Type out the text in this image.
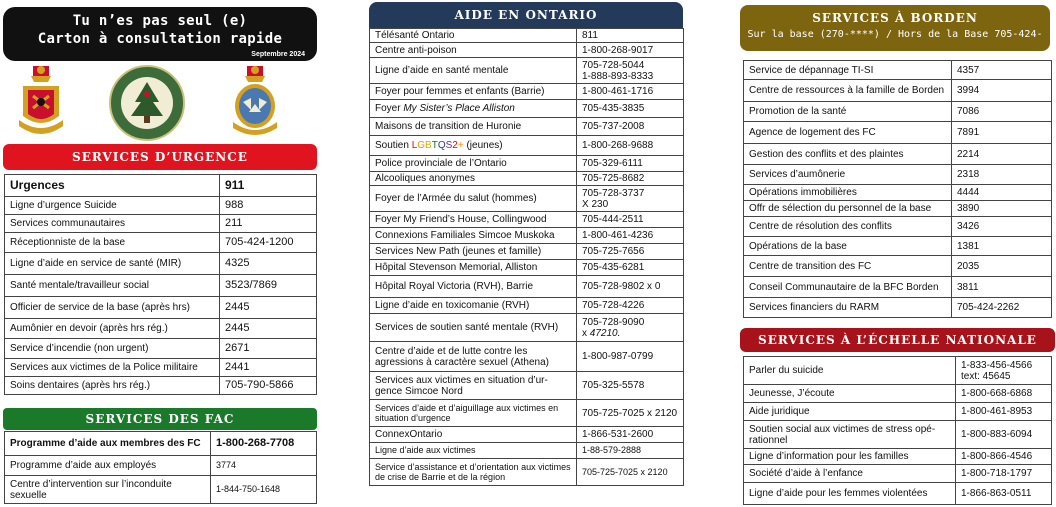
Tu n’es pas seul (e)
Carton à consultation rapide
Septembre 2024
SERVICES D’URGENCE
Urgences	911
Ligne d’urgence Suicide	988
Services communautaires	211
Réceptionniste de la base	705-424-1200
Ligne d’aide en service de santé (MIR)	4325
Santé mentale/travailleur social	3523/7869
Officier de service de la base (après hrs)	2445
Aumônier en devoir (après hrs rég.)	2445
Service d’incendie (non urgent)	2671
Services aux victimes de la Police militaire	2441
Soins dentaires (après hrs rég.)	705-790-5866
SERVICES DES FAC
Programme d’aide aux membres des FC	1-800-268-7708
Programme d’aide aux employés	3774
Centre d’intervention sur l’inconduite sexuelle	1-844-750-1648
AIDE EN ONTARIO
Télésanté Ontario	811
Centre anti-poison	1-800-268-9017
Ligne d’aide en santé mentale	705-728-5044
1-888-893-8333

Foyer pour femmes et enfants (Barrie)	1-800-461-1716
Foyer My Sister’s Place Alliston	705-435-3835
Maisons de transition de Huronie	705-737-2008
Soutien LGBTQS2+ (jeunes)	1-800-268-9688
Police provinciale de l’Ontario	705-329-6111
Alcooliques anonymes	705-725-8682
Foyer de l’Armée du salut (hommes)	705-728-3737
X 230

Foyer My Friend’s House, Collingwood	705-444-2511
Connexions Familiales Simcoe Muskoka	1-800-461-4236
Services New Path (jeunes et famille)	705-725-7656
Hôpital Stevenson Memorial, Alliston	705-435-6281
Hôpital Royal Victoria (RVH), Barrie	705-728-9802 x 0
Ligne d’aide en toxicomanie (RVH)	705-728-4226
Services de soutien santé mentale (RVH)	705-728-9090
x 47210.

Centre d’aide et de lutte contre les agressions à caractère sexuel (Athena)	1-800-987-0799
Services aux victimes en situation d’ur-gence Simcoe Nord	705-325-5578
Services d’aide et d’aiguillage aux victimes en situation d’urgence	705-725-7025 x 2120
ConnexOntario	1-866-531-2600
Ligne d’aide aux victimes	1-88-579-2888
Service d’assistance et d’orientation aux victimes de crise de Barrie et de la région	705-725-7025 x 2120
SERVICES À BORDEN
Sur la base (270-****) / Hors de la Base 705-424-
Service de dépannage TI-SI	4357
Centre de ressources à la famille de Borden	3994
Promotion de la santé	7086
Agence de logement des FC	7891
Gestion des conflits et des plaintes	2214
Services d’aumônerie	2318
Opérations immobilières	4444
Offr de sélection du personnel de la base	3890
Centre de résolution des conflits	3426
Opérations de la base	1381
Centre de transition des FC	2035
Conseil Communautaire de la BFC Borden	3811
Services financiers du RARM	705-424-2262
SERVICES À L’ÉCHELLE NATIONALE
Parler du suicide	1-833-456-4566
text: 45645

Jeunesse, J’écoute	1-800-668-6868
Aide juridique	1-800-461-8953
Soutien social aux victimes de stress opé-rationnel	1-800-883-6094
Ligne d’information pour les familles	1-800-866-4546
Société d’aide à l’enfance	1-800-718-1797
Ligne d’aide pour les femmes violentées	1-866-863-0511
